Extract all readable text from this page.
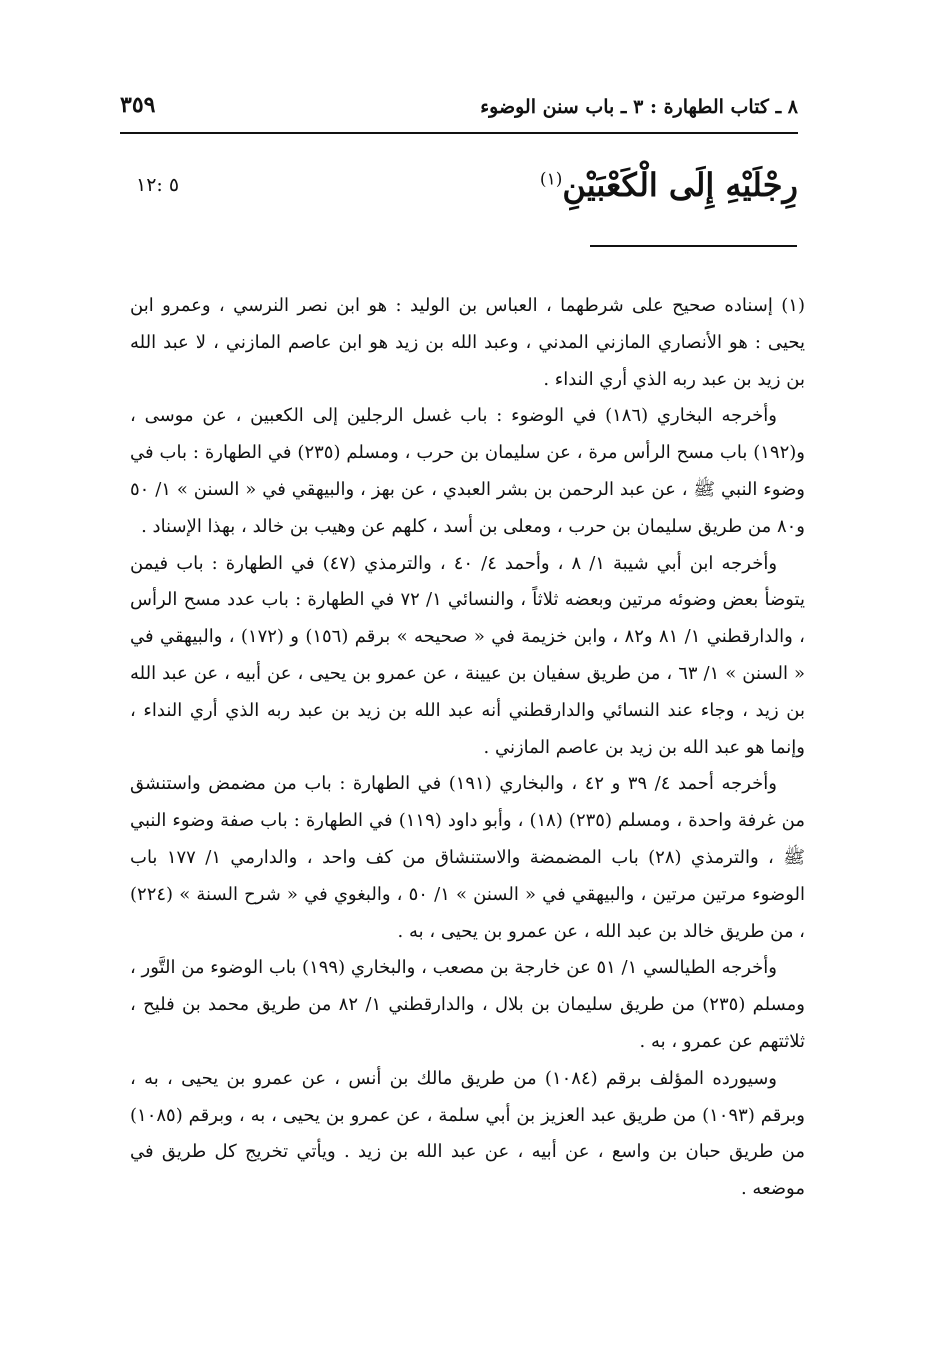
٨ ـ كتاب الطهارة : ٣ ـ باب سنن الوضوء
٣٥٩
رِجْلَيْهِ إِلَى الْكَعْبَيْنِ$^{(١)}$
٥ :١٢

(١) إسناده صحيح على شرطهما ، العباس بن الوليد : هو ابن نصر النرسي ، وعمرو ابن يحيى : هو الأنصاري المازني المدني ، وعبد الله بن زيد هو ابن عاصم المازني ، لا عبد الله بن زيد بن عبد ربه الذي أري النداء .

وأخرجه البخاري (١٨٦) في الوضوء : باب غسل الرجلين إلى الكعبين ، عن موسى ، و(١٩٢) باب مسح الرأس مرة ، عن سليمان بن حرب ، ومسلم (٢٣٥) في الطهارة : باب في وضوء النبي ﷺ ، عن عبد الرحمن بن بشر العبدي ، عن بهز ، والبيهقي في « السنن » ١/ ٥٠ و٨٠ من طريق سليمان بن حرب ، ومعلى بن أسد ، كلهم عن وهيب بن خالد ، بهذا الإسناد .

وأخرجه ابن أبي شيبة ١/ ٨ ، وأحمد ٤/ ٤٠ ، والترمذي (٤٧) في الطهارة : باب فيمن يتوضأ بعض وضوئه مرتين وبعضه ثلاثاً ، والنسائي ١/ ٧٢ في الطهارة : باب عدد مسح الرأس ، والدارقطني ١/ ٨١ و٨٢ ، وابن خزيمة في « صحيحه » برقم (١٥٦) و (١٧٢) ، والبيهقي في « السنن » ١/ ٦٣ ، من طريق سفيان بن عيينة ، عن عمرو بن يحيى ، عن أبيه ، عن عبد الله بن زيد ، وجاء عند النسائي والدارقطني أنه عبد الله بن زيد بن عبد ربه الذي أري النداء ، وإنما هو عبد الله بن زيد بن عاصم المازني .

وأخرجه أحمد ٤/ ٣٩ و ٤٢ ، والبخاري (١٩١) في الطهارة : باب من مضمض واستنشق من غرفة واحدة ، ومسلم (٢٣٥) (١٨) ، وأبو داود (١١٩) في الطهارة : باب صفة وضوء النبي ﷺ ، والترمذي (٢٨) باب المضمضة والاستنشاق من كف واحد ، والدارمي ١/ ١٧٧ باب الوضوء مرتين مرتين ، والبيهقي في « السنن » ١/ ٥٠ ، والبغوي في « شرح السنة » (٢٢٤) ، من طريق خالد بن عبد الله ، عن عمرو بن يحيى ، به .

وأخرجه الطيالسي ١/ ٥١ عن خارجة بن مصعب ، والبخاري (١٩٩) باب الوضوء من التَّور ، ومسلم (٢٣٥) من طريق سليمان بن بلال ، والدارقطني ١/ ٨٢ من طريق محمد بن فليح ، ثلاثتهم عن عمرو ، به .

وسيورده المؤلف برقم (١٠٨٤) من طريق مالك بن أنس ، عن عمرو بن يحيى ، به ، وبرقم (١٠٩٣) من طريق عبد العزيز بن أبي سلمة ، عن عمرو بن يحيى ، به ، وبرقم (١٠٨٥) من طريق حبان بن واسع ، عن أبيه ، عن عبد الله بن زيد . ويأتي تخريج كل طريق في موضعه .
